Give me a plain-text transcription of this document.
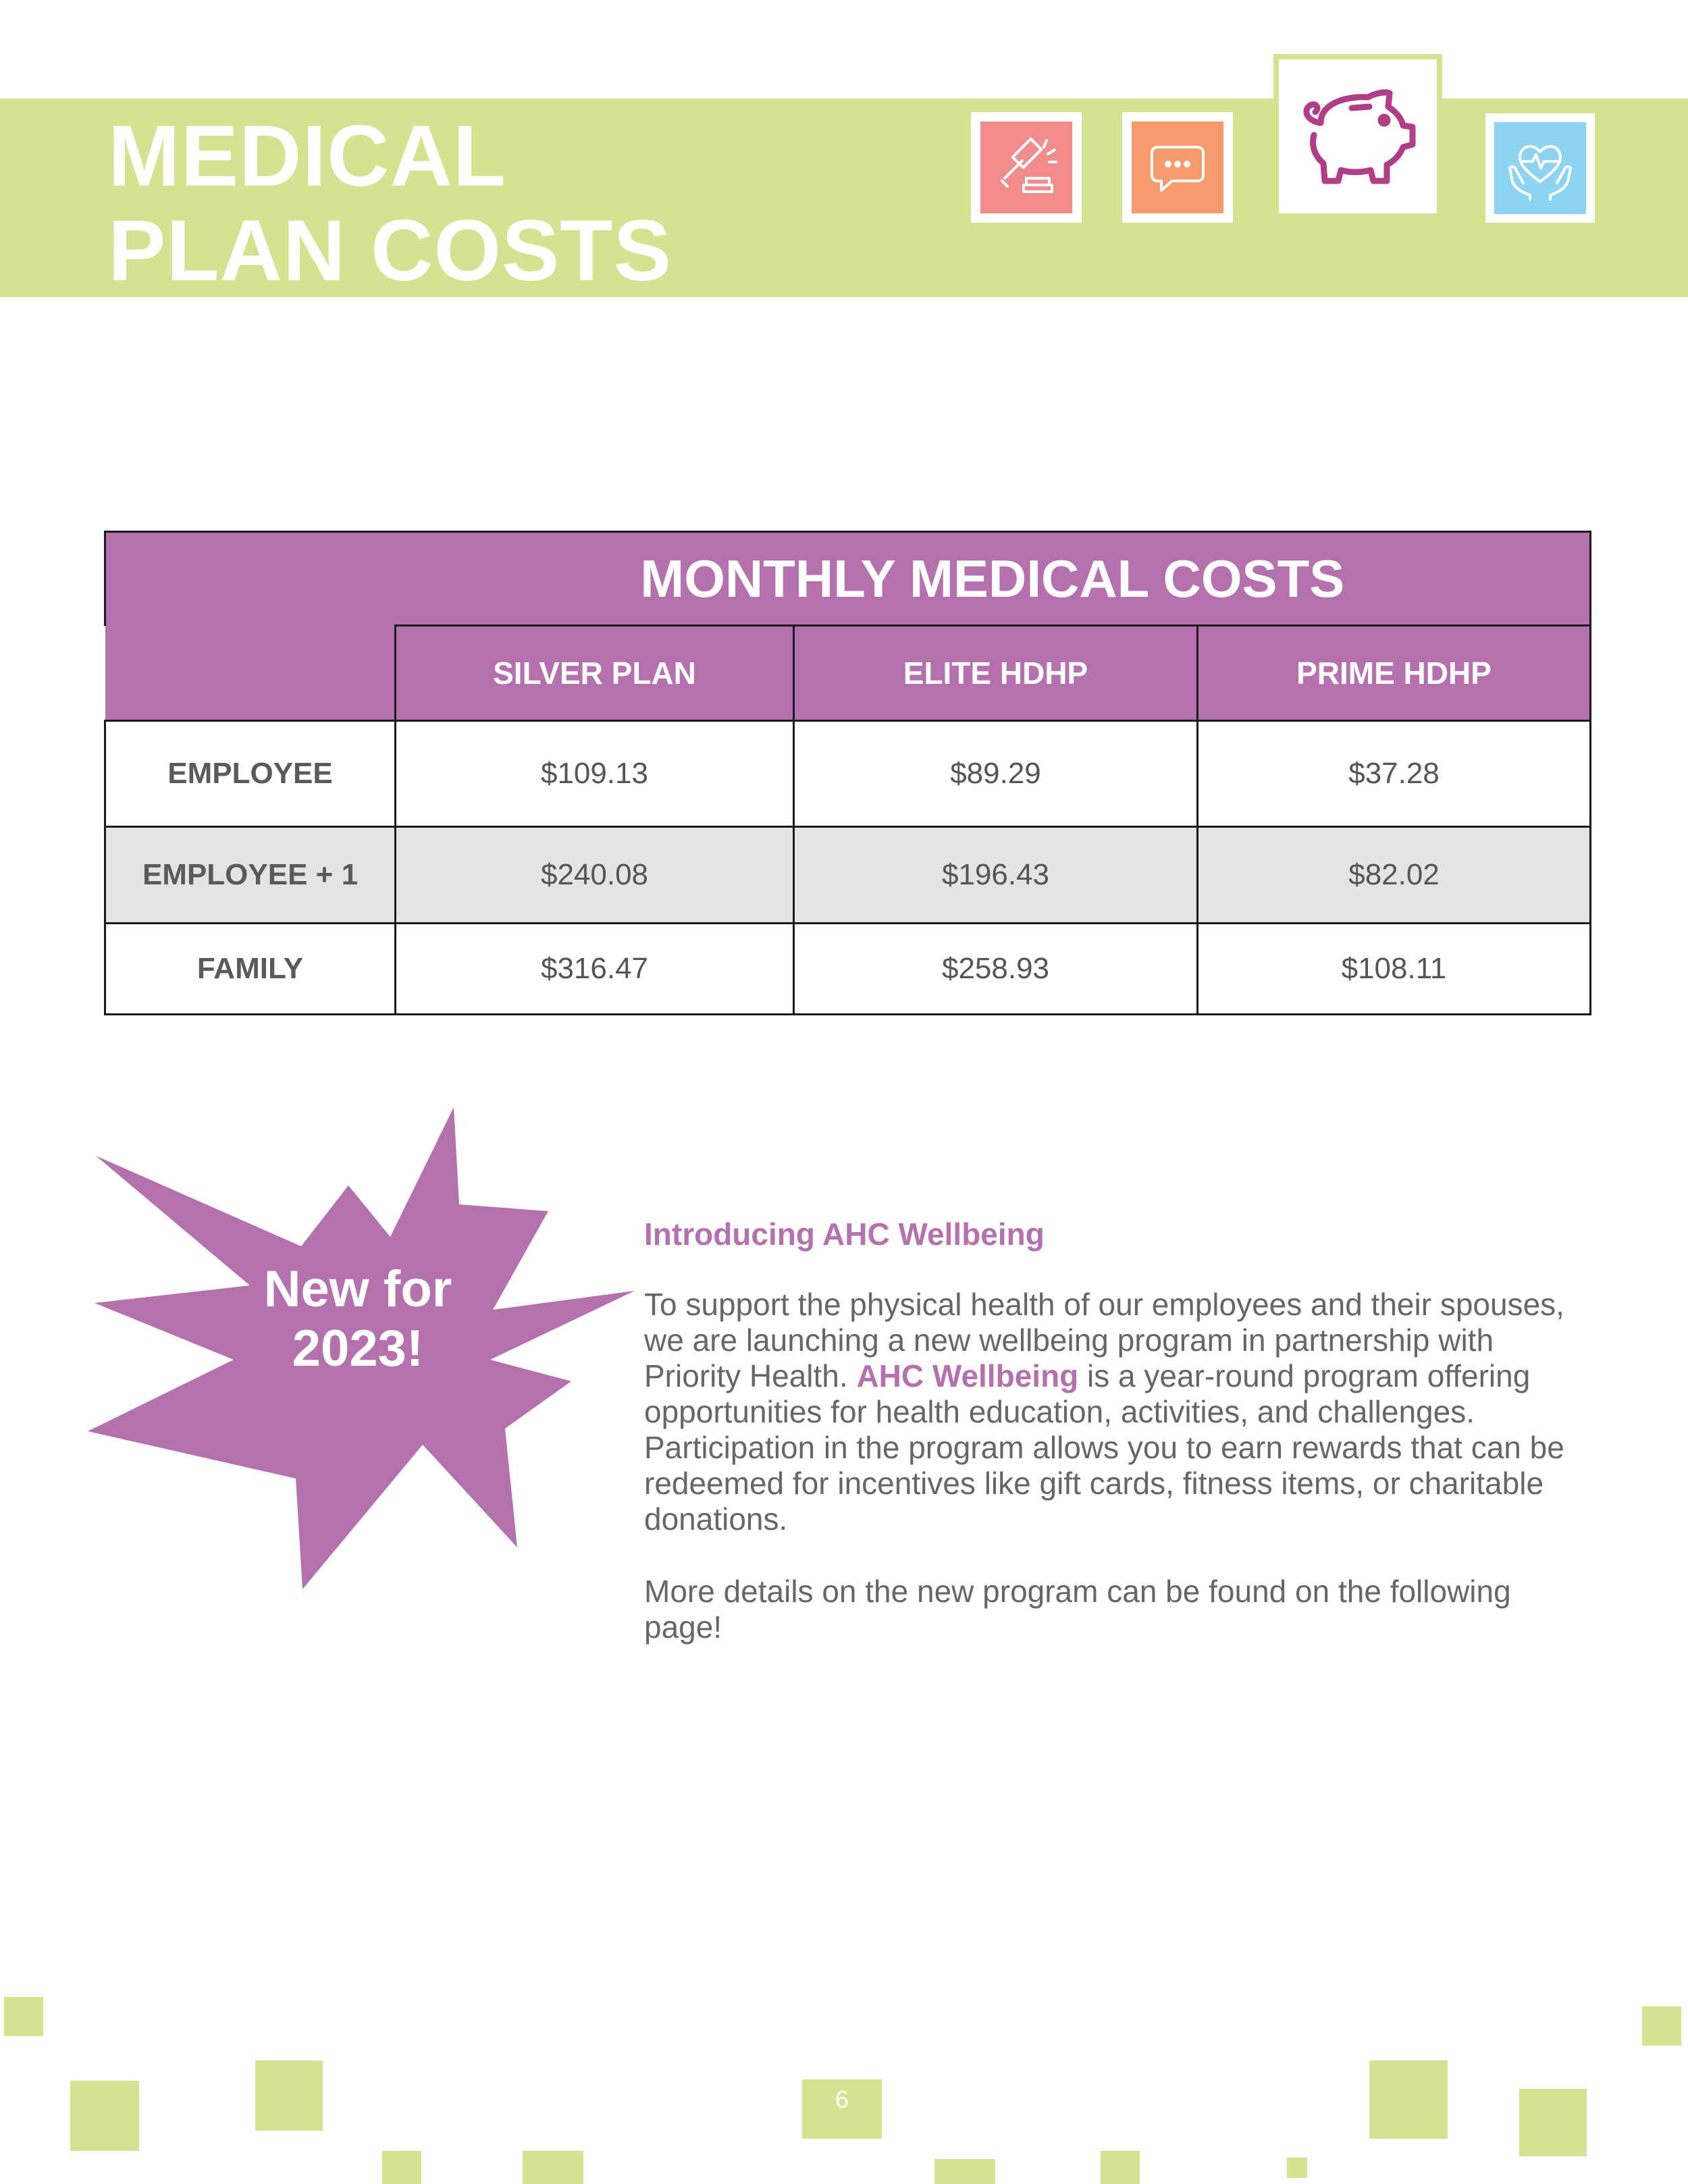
MEDICAL
PLAN COSTS
	MONTHLY MEDICAL COSTS		
	SILVER PLAN	ELITE HDHP	PRIME HDHP
EMPLOYEE	$109.13	$89.29	$37.28
EMPLOYEE + 1	$240.08	$196.43	$82.02
FAMILY	$316.47	$258.93	$108.11
New for
2023!
Introducing AHC Wellbeing

To support the physical health of our employees and their spouses, we are launching a new wellbeing program in partnership with Priority Health. AHC Wellbeing is a year-round program offering opportunities for health education, activities, and challenges. Participation in the program allows you to earn rewards that can be redeemed for incentives like gift cards, fitness items, or charitable donations.

More details on the new program can be found on the following page!

6
